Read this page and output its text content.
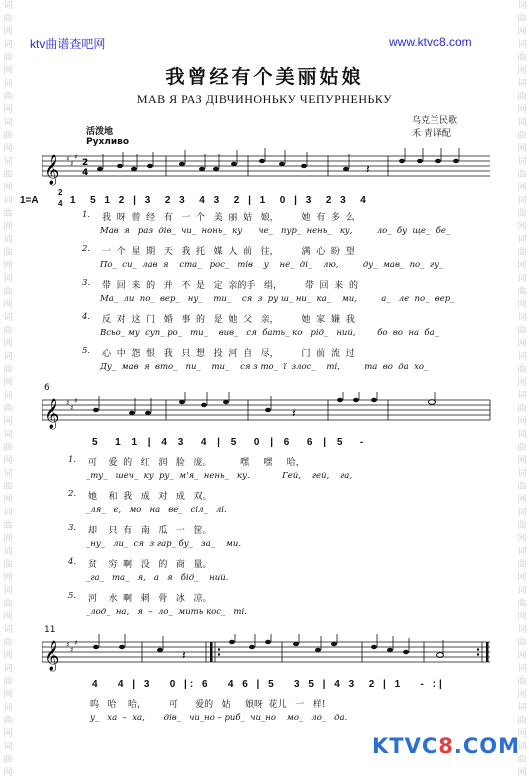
词
曲
网
词
曲
网
词
曲
网
词
曲
网
词
曲
网
词
曲
网
词
曲
网
词
曲
网
词
曲
网
词
曲
网
词
曲
网
词
曲
网
词
曲
网
词
曲
网
词
曲
网
词
曲
网
词
曲
网
词
曲
网
词
曲
网
词
曲
网
词
曲
网
词
曲
网
词
曲
网
词
曲
网
词
曲
网
词
曲
网
词
曲
网
词
曲
网
词
曲
网
词
曲
网
词
曲
网
词
曲
网
词
曲
网
词
曲
网
词
曲
网
词
曲
网
词
曲
网
词
曲
网
词
曲
网
词
曲
网
ktv曲谱查吧网	www.ktvc8.com
我曾经有个美丽姑娘
МАВ Я РАЗ ДІВЧИНОНЬКУ ЧЕПУРНЕНЬКУ
乌克兰民歌
禾 青译配
活泼地
Рухливо
𝄞 ♯
♯
♯
2
4	𝄽
1=A
2
4 1  5 1 2 | 3  2 3  4 3  2 | 1  0 | 3  2 3  4
1. 我  呀  曾  经   有   一  个   美  丽  姑   娘，        她  有  多  么
Мав  я   раз  дів_  чи_  нонь_  ку      че_   пур_  нень_   ку,         ло_  бу  ще_  бе_
2. 一  个  星  期   天   我  托   媒  人  前   往，        满  心  盼  望
По_  си_  лав  я    ста_   рос_   тів    у    не_  ді_    лю,         ду_  мав_  по_  гу_
3. 带  回  来  的   并   不  是   定  亲的手   绢，        带  回  来  的
Ма_  ли  по_  вер_   ну_    ти_    ся  з  ру ш_ ни_  ка_    ми,         а_   ле  по_  вер_
4. 反  对  这  门   婚   事  的   是  她  父   亲，        她  家  嫌  我
Всьо_ му  суп_ ро_   ти_    вив_   ся  бать_ ко   рід_   ний,        бо  во  на  ба_
5. 心  中  怨  恨   我   只  想   投  河  自   尽，        门  前  流  过
Ду_  мав  я  вто_   пи_    ти_    ся з то_  ї  злос_    ті,         та  во  да  хо_
6
𝄞 ♯
♯
♯
𝄽
5  1 1 | 4 3  4 | 5  0 | 6  6 | 5  -
1. 可    爱  的   红   润   脸   庞。          嘿     嘿     哈，
_ту_   шеч_  ку  ру_  м'я_  нень_   ку.            Гей,    гей,    га,
2. 她    和  我   成   对   成   双。
_ля_   є,   мо   на   ве_   сіл_   лі.
3. 却    只  有   南   瓜   一   筐。
_ну_   ли_  ся  з гар_ бу_   за_    ми.
4. 贫    穷  啊   没   的   商   量。
_га_   та_   я,   а   я   бід_    ний.
5. 河    水  啊   刺   骨   冰   凉。
_лод_  на,   я  –  ло_  мить кос_   ті.
11
𝄞 ♯
♯
♯
𝄽
4   4 | 3   0 |: 6   4 6 | 5   3 5 | 4 3  2 | 1   - :|
呜   哈    哈，        可      爱的   姑     娘呀  花儿   一   样!
у_   ха  –  ха,       дів_   чи_но – риб_  чи_но    мо_   ло_   да.
KTVC8.COM
